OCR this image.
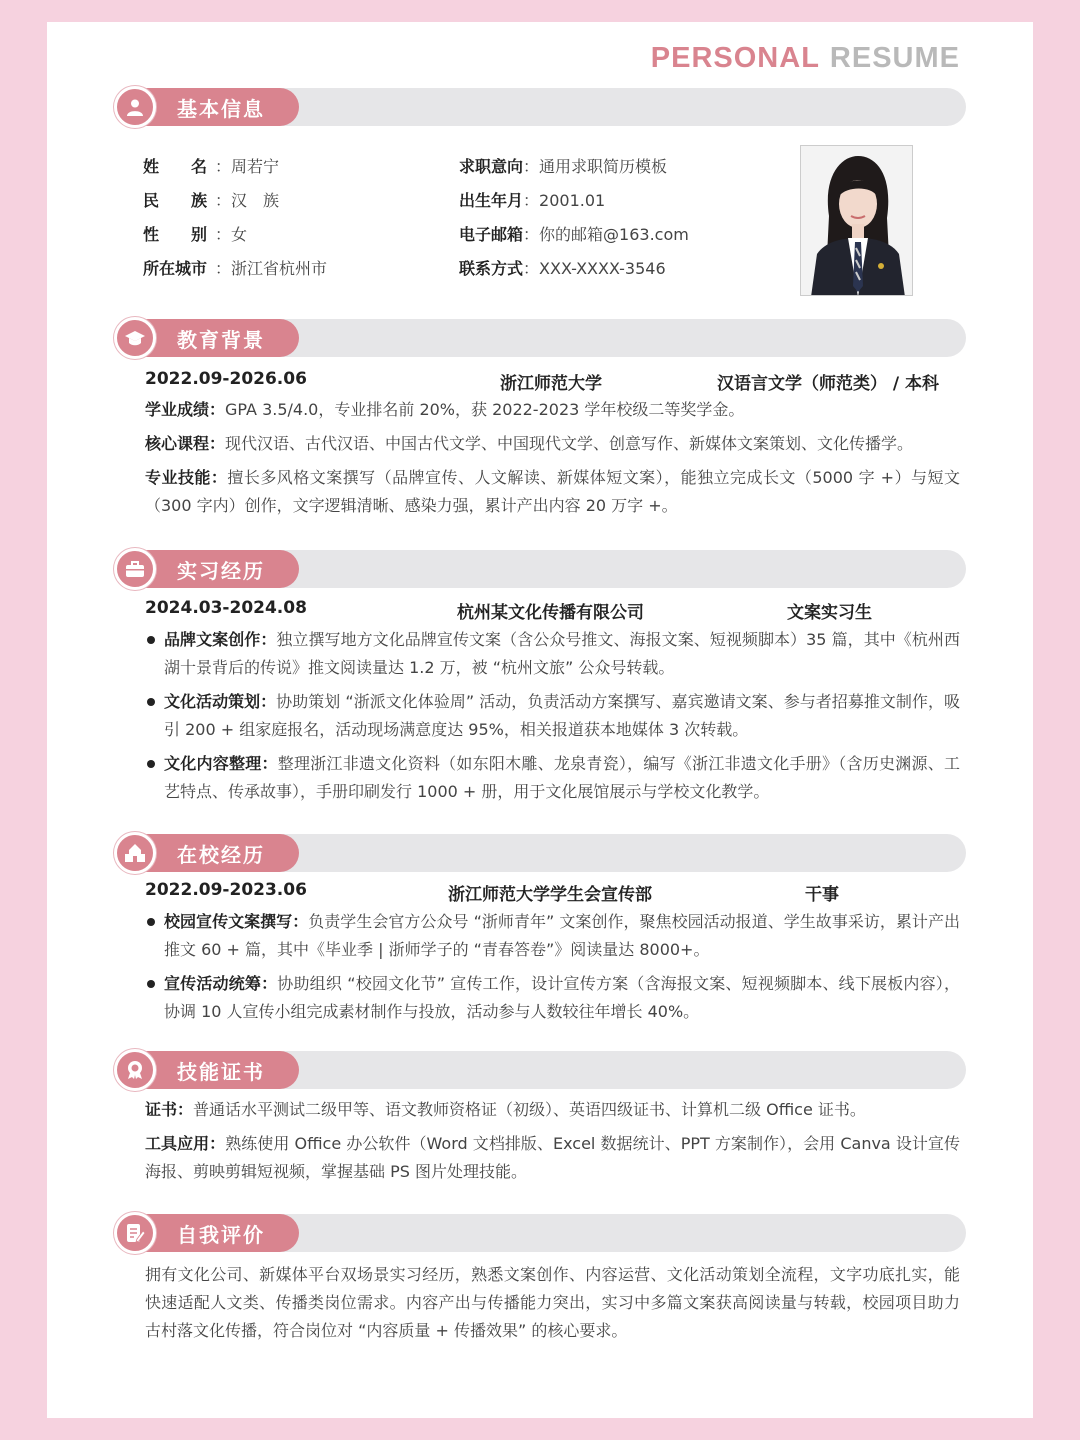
PERSONAL RESUME
基本信息
姓　　名 ：周若宁
民　　族 ：汉　族
性　　别 ：女
所在城市 ：浙江省杭州市
求职意向：通用求职简历模板
出生年月：2001.01
电子邮箱：你的邮箱@163.com
联系方式：XXX-XXXX-3546
教育背景
2022.09-2026.06	浙江师范大学	汉语言文学（师范类） / 本科
学业成绩：GPA 3.5/4.0，专业排名前 20%，获 2022-2023 学年校级二等奖学金。
核心课程：现代汉语、古代汉语、中国古代文学、中国现代文学、创意写作、新媒体文案策划、文化传播学。
专业技能：擅长多风格文案撰写（品牌宣传、人文解读、新媒体短文案），能独立完成长文（5000 字 +）与短文（300 字内）创作，文字逻辑清晰、感染力强，累计产出内容 20 万字 +。
实习经历
2024.03-2024.08	杭州某文化传播有限公司	文案实习生
品牌文案创作：独立撰写地方文化品牌宣传文案（含公众号推文、海报文案、短视频脚本）35 篇，其中《杭州西湖十景背后的传说》推文阅读量达 1.2 万，被 “杭州文旅” 公众号转载。
文化活动策划：协助策划 “浙派文化体验周” 活动，负责活动方案撰写、嘉宾邀请文案、参与者招募推文制作，吸引 200 + 组家庭报名，活动现场满意度达 95%，相关报道获本地媒体 3 次转载。
文化内容整理：整理浙江非遗文化资料（如东阳木雕、龙泉青瓷），编写《浙江非遗文化手册》（含历史渊源、工艺特点、传承故事），手册印刷发行 1000 + 册，用于文化展馆展示与学校文化教学。
在校经历
2022.09-2023.06	浙江师范大学学生会宣传部	干事
校园宣传文案撰写：负责学生会官方公众号 “浙师青年” 文案创作，聚焦校园活动报道、学生故事采访，累计产出推文 60 + 篇，其中《毕业季 | 浙师学子的 “青春答卷”》阅读量达 8000+。
宣传活动统筹：协助组织 “校园文化节” 宣传工作，设计宣传方案（含海报文案、短视频脚本、线下展板内容），协调 10 人宣传小组完成素材制作与投放，活动参与人数较往年增长 40%。
技能证书
证书：普通话水平测试二级甲等、语文教师资格证（初级）、英语四级证书、计算机二级 Office 证书。
工具应用：熟练使用 Office 办公软件（Word 文档排版、Excel 数据统计、PPT 方案制作），会用 Canva 设计宣传海报、剪映剪辑短视频，掌握基础 PS 图片处理技能。
自我评价
拥有文化公司、新媒体平台双场景实习经历，熟悉文案创作、内容运营、文化活动策划全流程，文字功底扎实，能快速适配人文类、传播类岗位需求。内容产出与传播能力突出，实习中多篇文案获高阅读量与转载，校园项目助力古村落文化传播，符合岗位对 “内容质量 + 传播效果” 的核心要求。
